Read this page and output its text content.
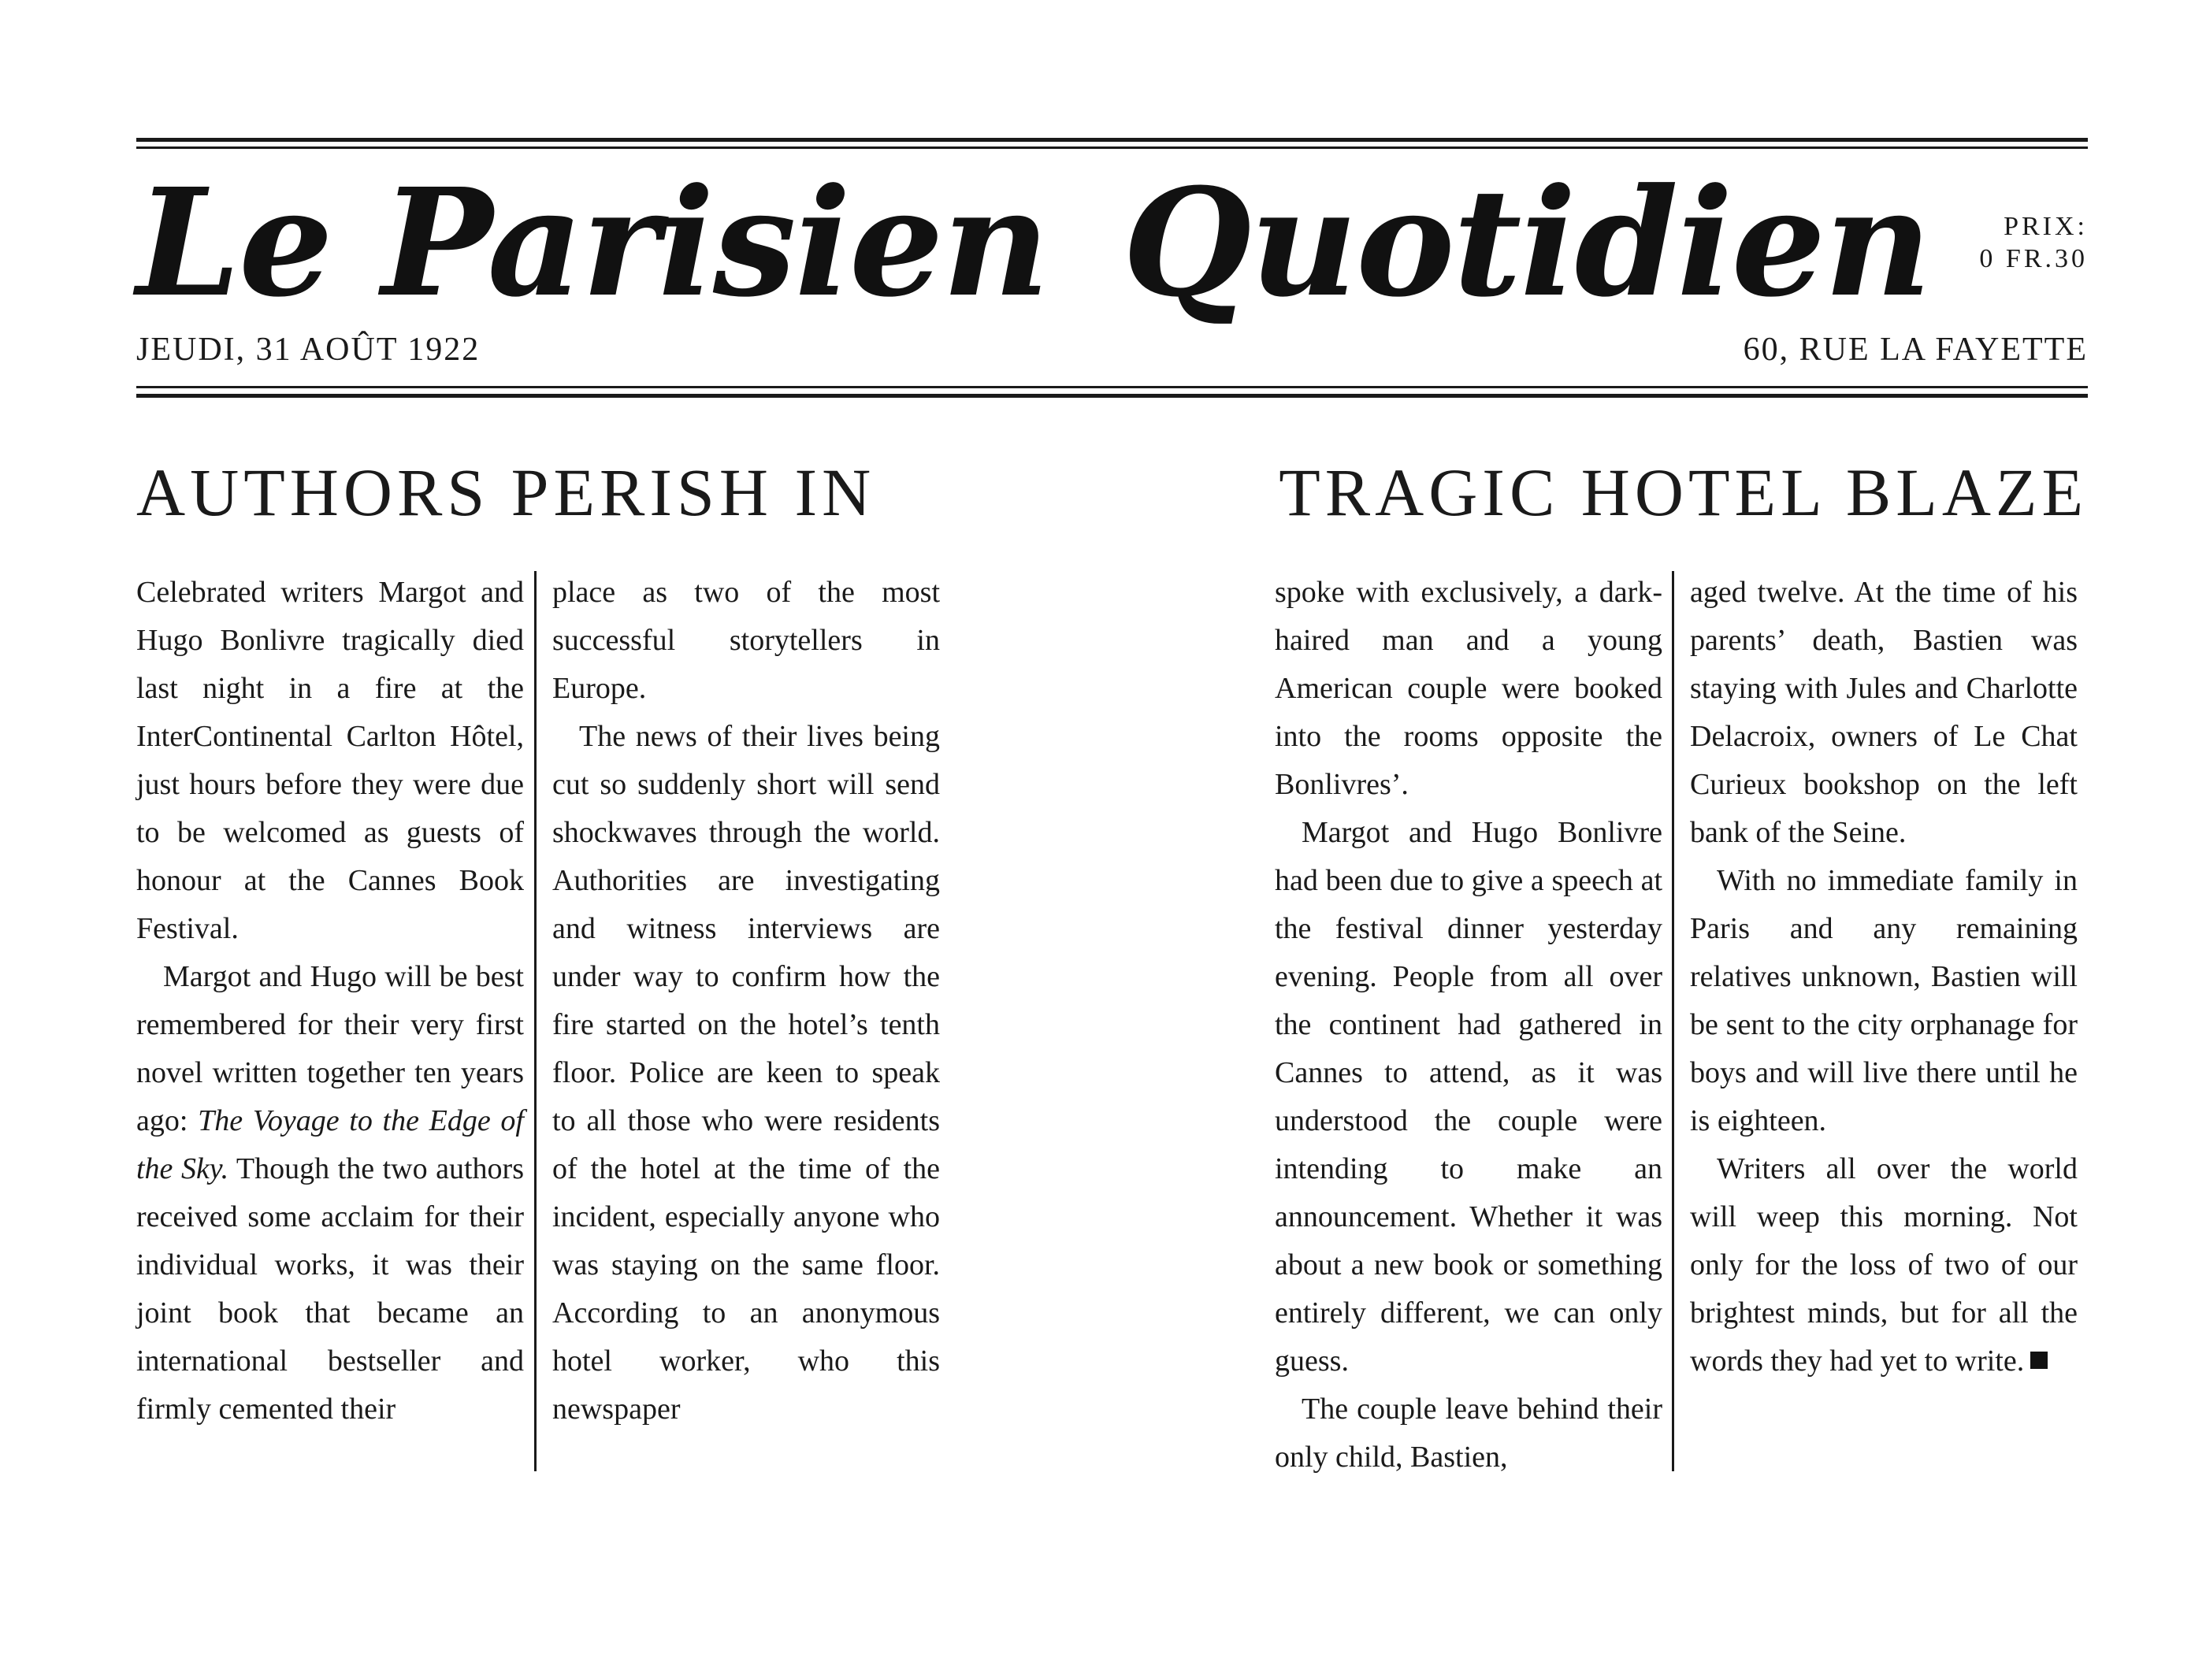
Le Parisien Quotidien	PRIX:
0 FR.30
JEUDI, 31 AOÛT 1922	60, RUE LA FAYETTE
AUTHORS PERISH IN	TRAGIC HOTEL BLAZE

Celebrated writers Margot and Hugo Bonlivre tragically died last night in a fire at the InterContinental Carlton Hôtel, just hours before they were due to be welcomed as guests of honour at the Cannes Book Festival.

Margot and Hugo will be best remembered for their very first novel written together ten years ago: The Voyage to the Edge of the Sky. Though the two authors received some acclaim for their individual works, it was their joint book that became an international bestseller and firmly cemented their

place as two of the most successful storytellers in Europe.

The news of their lives being cut so suddenly short will send shockwaves through the world. Authorities are investigating and witness interviews are under way to confirm how the fire started on the hotel’s tenth floor. Police are keen to speak to all those who were residents of the hotel at the time of the incident, especially anyone who was staying on the same floor. According to an anonymous hotel worker, who this newspaper

spoke with exclusively, a dark-haired man and a young American couple were booked into the rooms opposite the Bonlivres’.

Margot and Hugo Bonlivre had been due to give a speech at the festival dinner yesterday evening. People from all over the continent had gathered in Cannes to attend, as it was understood the couple were intending to make an announcement. Whether it was about a new book or something entirely different, we can only guess.

The couple leave behind their only child, Bastien,

aged twelve. At the time of his parents’ death, Bastien was staying with Jules and Charlotte Delacroix, owners of Le Chat Curieux bookshop on the left bank of the Seine.

With no immediate family in Paris and any remaining relatives unknown, Bastien will be sent to the city orphanage for boys and will live there until he is eighteen.

Writers all over the world will weep this morning. Not only for the loss of two of our brightest minds, but for all the words they had yet to write.
